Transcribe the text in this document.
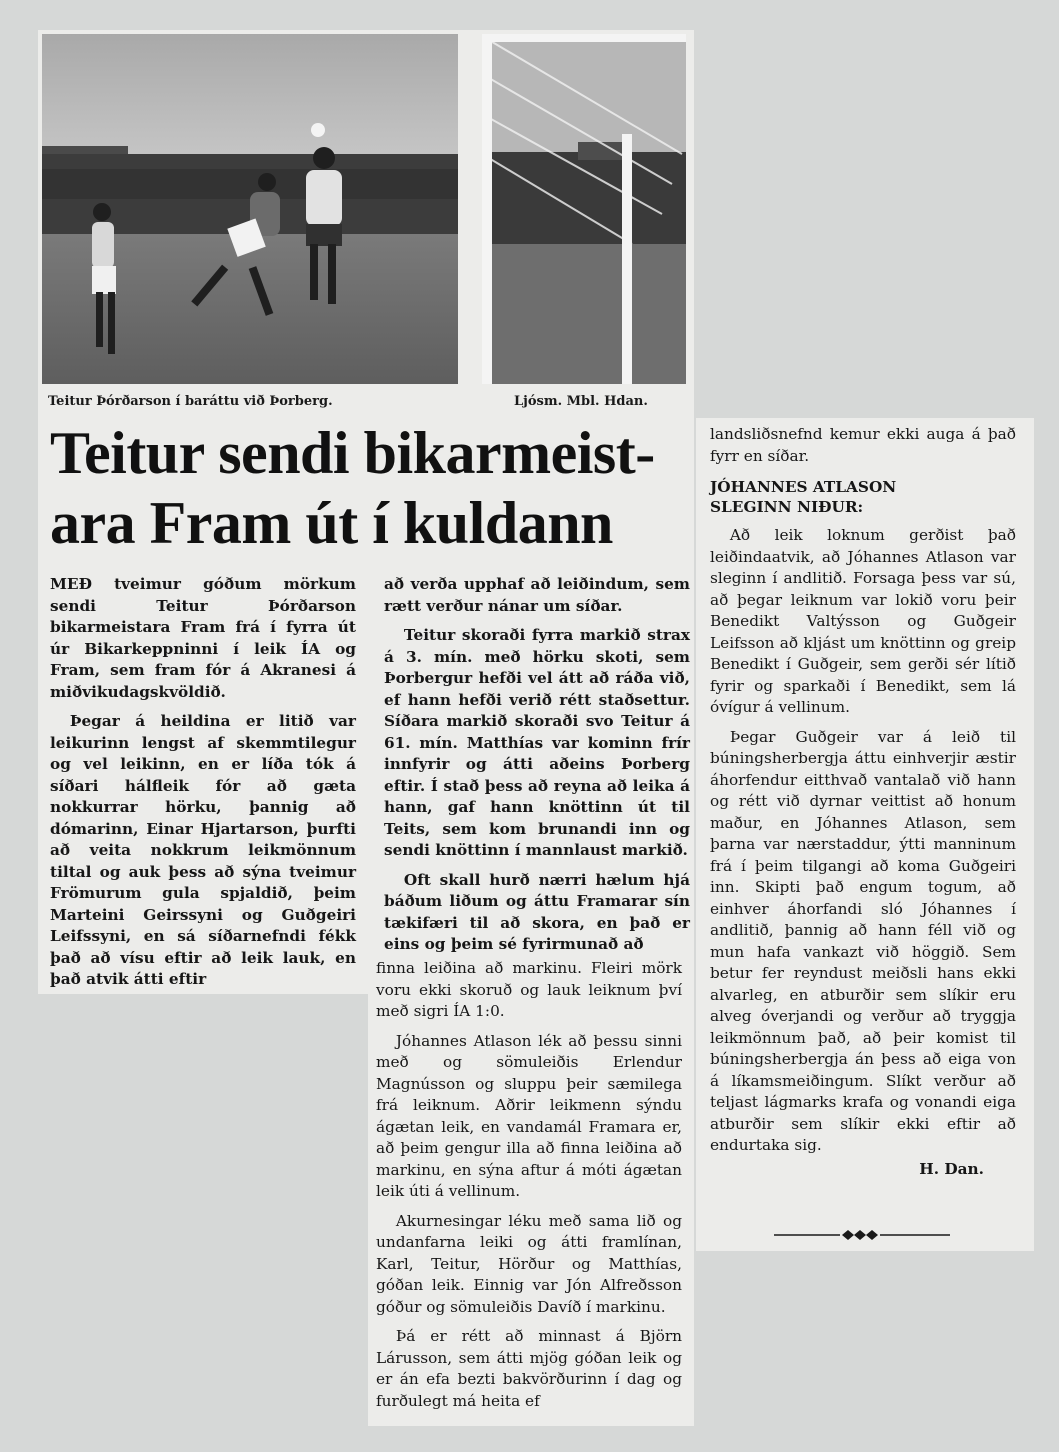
Teitur Þórðarson í baráttu við Þorberg.	Ljósm. Mbl. Hdan.
Teitur sendi bikarmeist-
ara Fram út í kuldann

MEÐ tveimur góðum mörkum sendi Teitur Þórðarson bikarmeistara Fram frá í fyrra út úr Bikarkeppninni í leik ÍA og Fram, sem fram fór á Akranesi á miðvikudagskvöldið.

Þegar á heildina er litið var leikurinn lengst af skemmtilegur og vel leikinn, en er líða tók á síðari hálfleik fór að gæta nokkurrar hörku, þannig að dómarinn, Einar Hjartarson, þurfti að veita nokkrum leikmönnum tiltal og auk þess að sýna tveimur Frömurum gula spjaldið, þeim Marteini Geirssyni og Guðgeiri Leifssyni, en sá síðarnefndi fékk það að vísu eftir að leik lauk, en það atvik átti eftir

að verða upphaf að leiðindum, sem rætt verður nánar um síðar.

Teitur skoraði fyrra markið strax á 3. mín. með hörku skoti, sem Þorbergur hefði vel átt að ráða við, ef hann hefði verið rétt staðsettur. Síðara markið skoraði svo Teitur á 61. mín. Matthías var kominn frír innfyrir og átti aðeins Þorberg eftir. Í stað þess að reyna að leika á hann, gaf hann knöttinn út til Teits, sem kom brunandi inn og sendi knöttinn í mannlaust markið.

Oft skall hurð nærri hælum hjá báðum liðum og áttu Framarar sín tækifæri til að skora, en það er eins og þeim sé fyrirmunað að

finna leiðina að markinu. Fleiri mörk voru ekki skoruð og lauk leiknum því með sigri ÍA 1:0.

Jóhannes Atlason lék að þessu sinni með og sömuleiðis Erlendur Magnússon og sluppu þeir sæmilega frá leiknum. Aðrir leikmenn sýndu ágætan leik, en vandamál Framara er, að þeim gengur illa að finna leiðina að markinu, en sýna aftur á móti ágætan leik úti á vellinum.

Akurnesingar léku með sama lið og undanfarna leiki og átti framlínan, Karl, Teitur, Hörður og Matthías, góðan leik. Einnig var Jón Alfreðsson góður og sömuleiðis Davíð í markinu.

Þá er rétt að minnast á Björn Lárusson, sem átti mjög góðan leik og er án efa bezti bakvörðurinn í dag og furðulegt má heita ef

landsliðsnefnd kemur ekki auga á það fyrr en síðar.

JÓHANNES ATLASON
SLEGINN NIÐUR:

Að leik loknum gerðist það leiðindaatvik, að Jóhannes Atlason var sleginn í andlitið. Forsaga þess var sú, að þegar leiknum var lokið voru þeir Benedikt Valtýsson og Guðgeir Leifsson að kljást um knöttinn og greip Benedikt í Guðgeir, sem gerði sér lítið fyrir og sparkaði í Benedikt, sem lá óvígur á vellinum.

Þegar Guðgeir var á leið til búningsherbergja áttu einhverjir æstir áhorfendur eitthvað vantalað við hann og rétt við dyrnar veittist að honum maður, en Jóhannes Atlason, sem þarna var nærstaddur, ýtti manninum frá í þeim tilgangi að koma Guðgeiri inn. Skipti það engum togum, að einhver áhorfandi sló Jóhannes í andlitið, þannig að hann féll við og mun hafa vankazt við höggið. Sem betur fer reyndust meiðsli hans ekki alvarleg, en atburðir sem slíkir eru alveg óverjandi og verður að tryggja leikmönnum það, að þeir komist til búningsherbergja án þess að eiga von á líkamsmeiðingum. Slíkt verður að teljast lágmarks krafa og vonandi eiga atburðir sem slíkir ekki eftir að endurtaka sig.

H. Dan.
